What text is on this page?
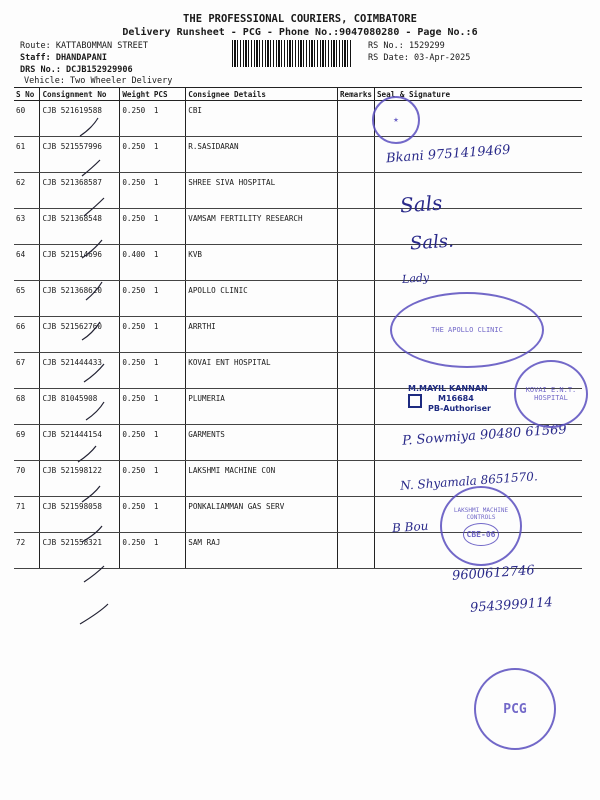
THE PROFESSIONAL COURIERS, COIMBATORE
Delivery Runsheet - PCG - Phone No.:9047080280 - Page No.:6
Route: KATTABOMMAN STREET
Staff: DHANDAPANI
DRS No.: DCJB152929906
Vehicle: Two Wheeler Delivery
RS No.: 1529299
RS Date: 03-Apr-2025
S No	Consignment No	Weight	PCS	Consignee Details	Remarks	Seal & Signature
60	CJB 521619588	0.250	1	CBI		
61	CJB 521557996	0.250	1	R.SASIDARAN		
62	CJB 521368587	0.250	1	SHREE SIVA HOSPITAL		
63	CJB 521368548	0.250	1	VAMSAM FERTILITY RESEARCH		
64	CJB 521514696	0.400	1	KVB		
65	CJB 521368620	0.250	1	APOLLO CLINIC		
66	CJB 521562760	0.250	1	ARRTHI		
67	CJB 521444433	0.250	1	KOVAI ENT HOSPITAL		
68	CJB 81045908	0.250	1	PLUMERIA		
69	CJB 521444154	0.250	1	GARMENTS		
70	CJB 521598122	0.250	1	LAKSHMI MACHINE CON		
71	CJB 521598058	0.250	1	PONKALIAMMAN GAS SERV		
72	CJB 521558321	0.250	1	SAM RAJ		
Bkani 9751419469
Sals
Sals.
Lady
P. Sowmiya 90480 61569
N. Shyamala 8651570.
B Bou
9600612746
9543999114
★
THE APOLLO CLINIC
KOVAI E.N.T. HOSPITAL
M.MAYIL KANNAN
M16684
PB-Authoriser
LAKSHMI MACHINE CONTROLS
CBE-06
PCG
